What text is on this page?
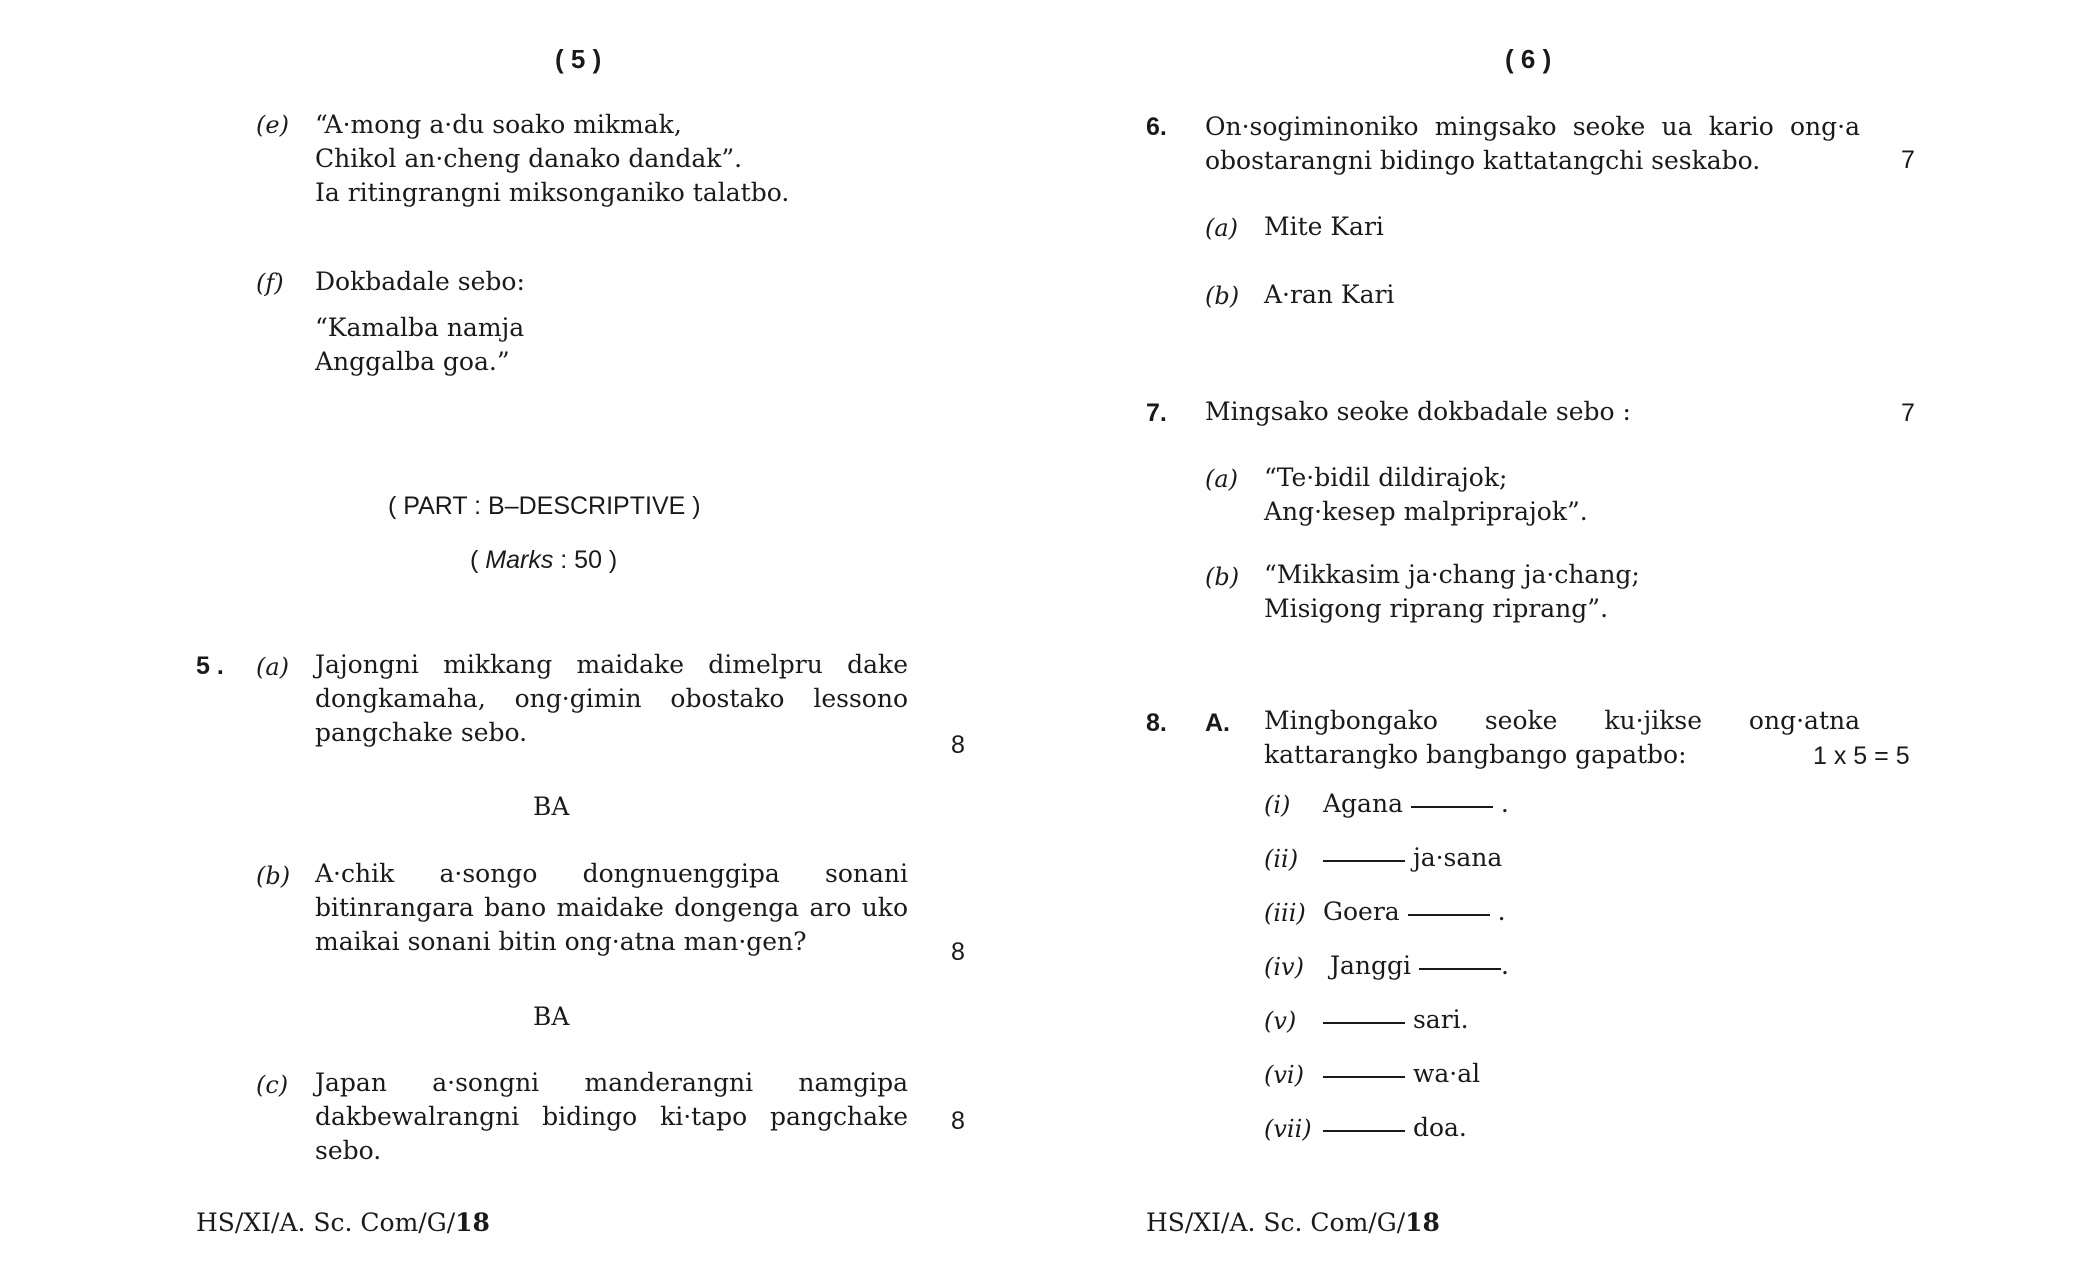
( 5 )
(e) “A·mong a·du soako mikmak,
Chikol an·cheng danako dandak”.
Ia ritingrangni miksonganiko talatbo.
(f) Dokbadale sebo:
“Kamalba namja
Anggalba goa.”
( PART : B–DESCRIPTIVE )
( Marks : 50 )
5 . (a) Jajongni mikkang maidake dimelpru dake
dongkamaha, ong·gimin obostako lessono
pangchake sebo.	8
BA
(b) A·chik a·songo dongnuenggipa sonani
bitinrangara bano maidake dongenga aro uko
maikai sonani bitin ong·atna man·gen?	8
BA
(c) Japan a·songni manderangni namgipa
dakbewalrangni bidingo ki·tapo pangchake sebo.
8
HS/XI/A. Sc. Com/G/18
( 6 )
6. On·sogiminoniko mingsako seoke ua kario ong·a
obostarangni bidingo kattatangchi seskabo.	7
(a) Mite Kari
(b) A·ran Kari
7. Mingsako seoke dokbadale sebo :	7
(a) “Te·bidil dildirajok;
Ang·kesep malpriprajok”.
(b) “Mikkasim ja·chang ja·chang;
Misigong riprang riprang”.
8. A. Mingbongako seoke ku·jikse ong·atna
kattarangko bangbango gapatbo:	1 x 5 = 5
(i) Agana	.
(ii)	ja·sana
(iii) Goera	.
(iv) Janggi	.
(v)	sari.
(vi)	wa·al
(vii)	doa.
HS/XI/A. Sc. Com/G/18
